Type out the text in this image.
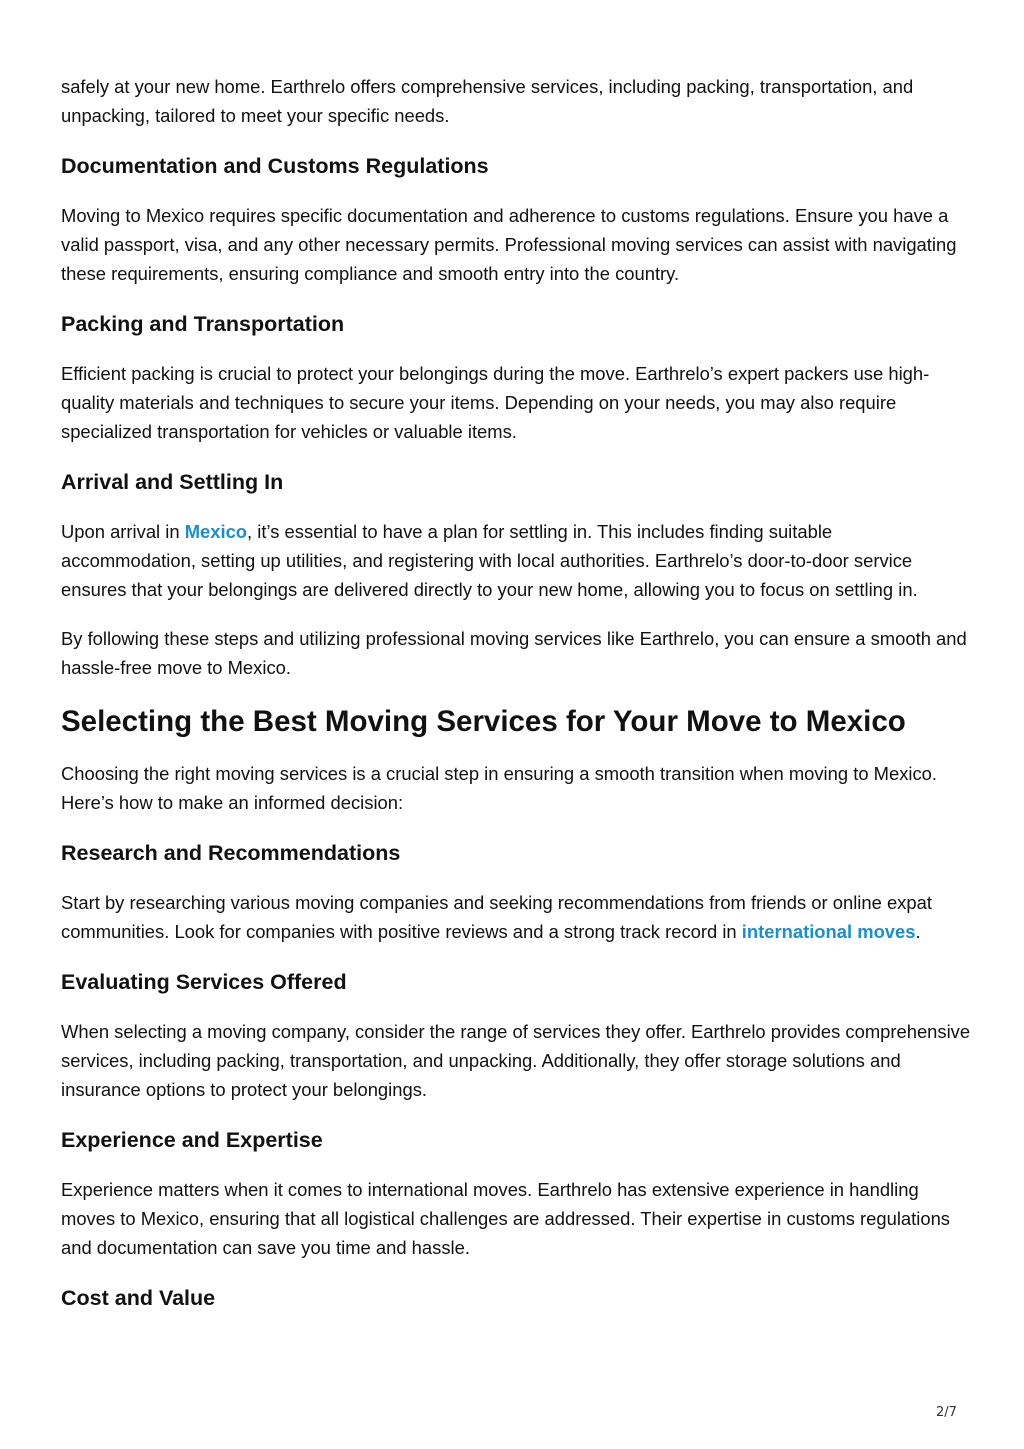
safely at your new home. Earthrelo offers comprehensive services, including packing, transportation, and unpacking, tailored to meet your specific needs.

Documentation and Customs Regulations

Moving to Mexico requires specific documentation and adherence to customs regulations. Ensure you have a valid passport, visa, and any other necessary permits. Professional moving services can assist with navigating these requirements, ensuring compliance and smooth entry into the country.

Packing and Transportation

Efficient packing is crucial to protect your belongings during the move. Earthrelo’s expert packers use high-quality materials and techniques to secure your items. Depending on your needs, you may also require specialized transportation for vehicles or valuable items.

Arrival and Settling In

Upon arrival in Mexico, it’s essential to have a plan for settling in. This includes finding suitable accommodation, setting up utilities, and registering with local authorities. Earthrelo’s door-to-door service ensures that your belongings are delivered directly to your new home, allowing you to focus on settling in.

By following these steps and utilizing professional moving services like Earthrelo, you can ensure a smooth and hassle-free move to Mexico.

Selecting the Best Moving Services for Your Move to Mexico

Choosing the right moving services is a crucial step in ensuring a smooth transition when moving to Mexico. Here’s how to make an informed decision:

Research and Recommendations

Start by researching various moving companies and seeking recommendations from friends or online expat communities. Look for companies with positive reviews and a strong track record in international moves.

Evaluating Services Offered

When selecting a moving company, consider the range of services they offer. Earthrelo provides comprehensive services, including packing, transportation, and unpacking. Additionally, they offer storage solutions and insurance options to protect your belongings.

Experience and Expertise

Experience matters when it comes to international moves. Earthrelo has extensive experience in handling moves to Mexico, ensuring that all logistical challenges are addressed. Their expertise in customs regulations and documentation can save you time and hassle.

Cost and Value
2/7
